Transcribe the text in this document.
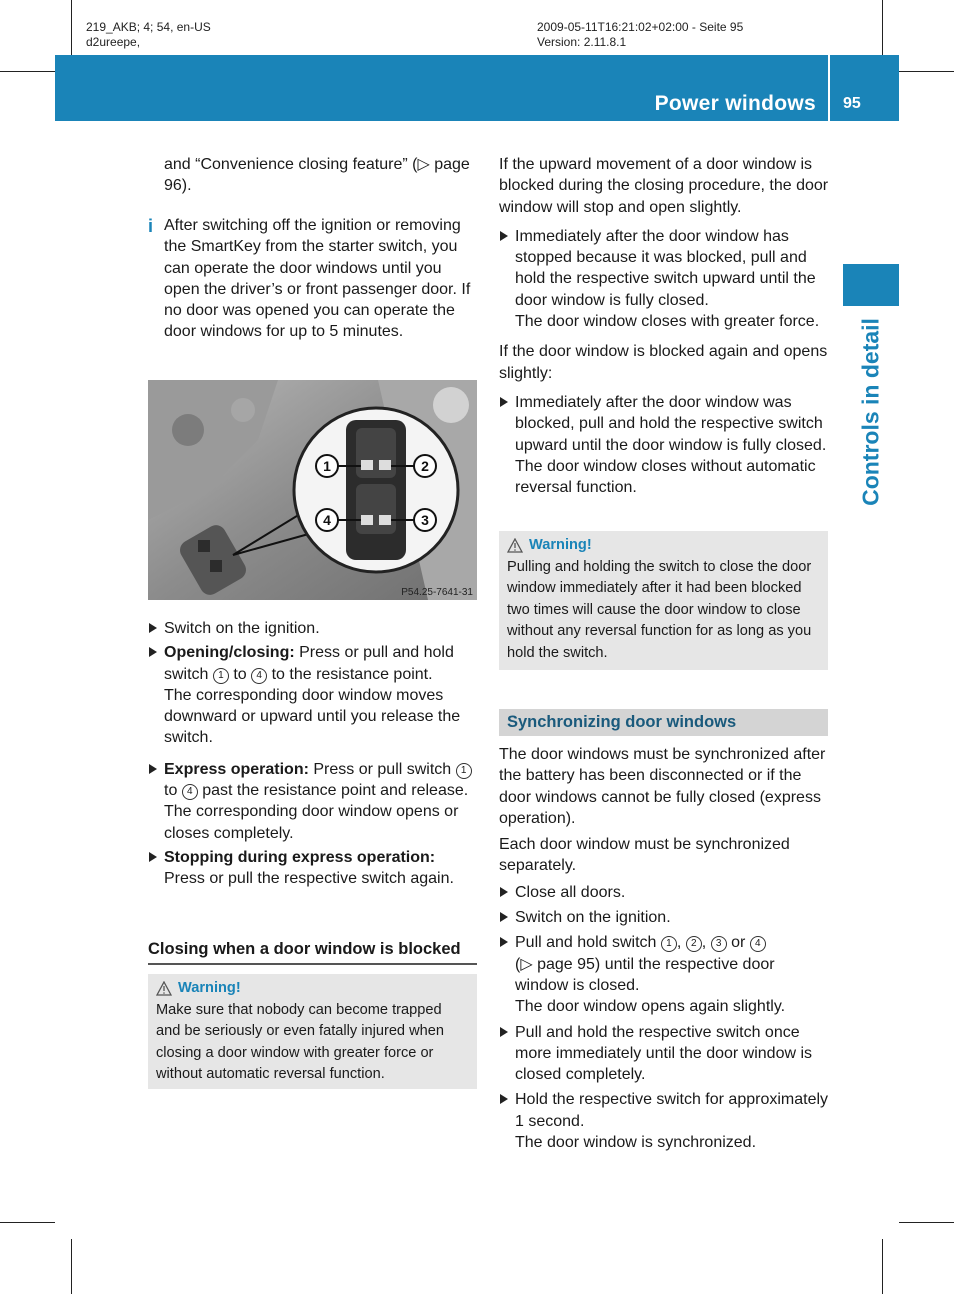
219_AKB; 4; 54, en-US
d2ureepe,
2009-05-11T16:21:02+02:00 - Seite 95
Version: 2.11.8.1
Power windows 95
Controls in detail

and “Convenience closing feature” (▷ page 96).

i After switching off the ignition or removing the SmartKey from the starter switch, you can operate the door windows until you open the driver’s or front passenger door. If no door was opened you can operate the door windows for up to 5 minutes.

1	2
3
4
P54.25-7641-31

Switch on the ignition.

Opening/closing: Press or pull and hold switch 1 to 4 to the resistance point.
The corresponding door window moves downward or upward until you release the switch.

Express operation: Press or pull switch 1 to 4 past the resistance point and release.
The corresponding door window opens or closes completely.

Stopping during express operation:
Press or pull the respective switch again.

Closing when a door window is blocked
Warning!
Make sure that nobody can become trapped and be seriously or even fatally injured when closing a door window with greater force or without automatic reversal function.

If the upward movement of a door window is blocked during the closing procedure, the door window will stop and open slightly.

Immediately after the door window has stopped because it was blocked, pull and hold the respective switch upward until the door window is fully closed.
The door window closes with greater force.

If the door window is blocked again and opens slightly:

Immediately after the door window was blocked, pull and hold the respective switch upward until the door window is fully closed.
The door window closes without automatic reversal function.

Warning!
Pulling and holding the switch to close the door window immediately after it had been blocked two times will cause the door window to close without any reversal function for as long as you hold the switch.
Synchronizing door windows

The door windows must be synchronized after the battery has been disconnected or if the door windows cannot be fully closed (express operation).

Each door window must be synchronized separately.

Close all doors.

Switch on the ignition.

Pull and hold switch 1 , 2 , 3 or 4
(▷ page 95) until the respective door window is closed.
The door window opens again slightly.

Pull and hold the respective switch once more immediately until the door window is closed completely.

Hold the respective switch for approximately 1 second.
The door window is synchronized.
